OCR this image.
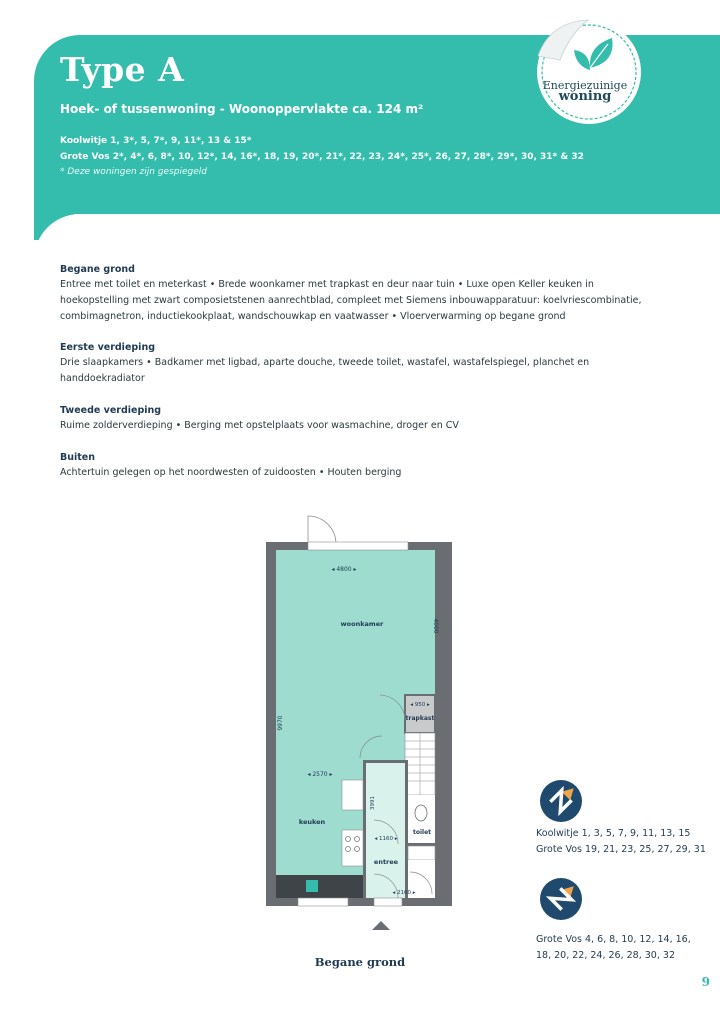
Type A
Hoek- of tussenwoning - Woonoppervlakte ca. 124 m²
Koolwitje 1, 3*, 5, 7*, 9, 11*, 13 & 15*
Grote Vos 2*, 4*, 6, 8*, 10, 12*, 14, 16*, 18, 19, 20*, 21*, 22, 23, 24*, 25*, 26, 27, 28*, 29*, 30, 31* & 32
* Deze woningen zijn gespiegeld
Energiezuinige
woning
Begane grond
Entree met toilet en meterkast • Brede woonkamer met trapkast en deur naar tuin • Luxe open Keller keuken in
hoekopstelling met zwart composietstenen aanrechtblad, compleet met Siemens inbouwapparatuur: koelvriescombinatie,
combimagnetron, inductiekookplaat, wandschouwkap en vaatwasser • Vloerverwarming op begane grond
Eerste verdieping
Drie slaapkamers • Badkamer met ligbad, aparte douche, tweede toilet, wastafel, wastafelspiegel, planchet en
handdoekradiator
Tweede verdieping
Ruime zolderverdieping • Berging met opstelplaats voor wasmachine, droger en CV
Buiten
Achtertuin gelegen op het noordwesten of zuidoosten • Houten berging
◂ 4800 ▸
woonkamer	4000
9970
◂ 950 ▸
trapkast
◂ 2570 ▸
keuken
3991
toilet
◂ 1160 ▸
entree
◂ 2160 ▸
Begane grond
Koolwitje 1, 3, 5, 7, 9, 11, 13, 15
Grote Vos 19, 21, 23, 25, 27, 29, 31
Grote Vos 4, 6, 8, 10, 12, 14, 16,
18, 20, 22, 24, 26, 28, 30, 32
9
